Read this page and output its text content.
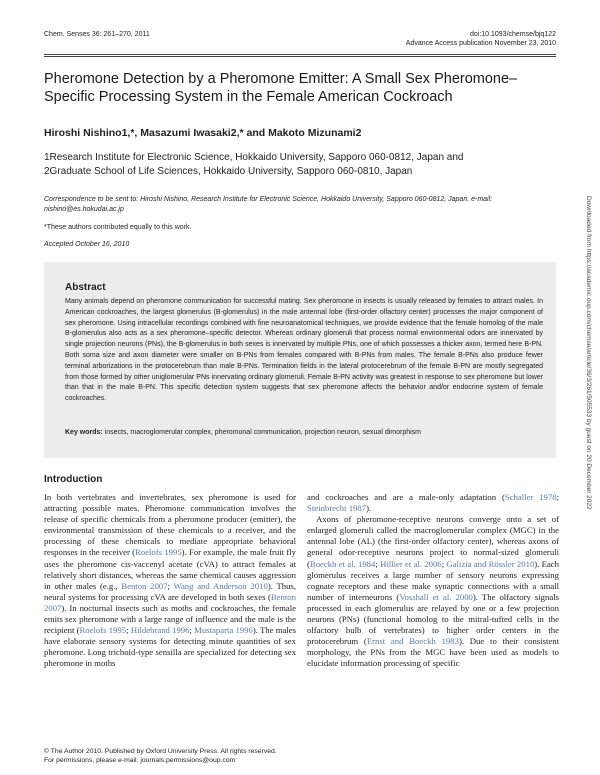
Chem. Senses 36: 261–270, 2011	doi:10.1093/chemse/bjq122
Advance Access publication November 23, 2010
Pheromone Detection by a Pheromone Emitter: A Small Sex Pheromone–Specific Processing System in the Female American Cockroach
Hiroshi Nishino1,*, Masazumi Iwasaki2,* and Makoto Mizunami2
1Research Institute for Electronic Science, Hokkaido University, Sapporo 060-0812, Japan and
2Graduate School of Life Sciences, Hokkaido University, Sapporo 060-0810, Japan
Correspondence to be sent to: Hiroshi Nishino, Research Institute for Electronic Science, Hokkaido University, Sapporo 060-0812, Japan. e-mail: nishino@es.hokudai.ac.jp
*These authors contributed equally to this work.
Accepted October 16, 2010
Abstract

Many animals depend on pheromone communication for successful mating. Sex pheromone in insects is usually released by females to attract males. In American cockroaches, the largest glomerulus (B-glomerulus) in the male antennal lobe (first-order olfactory center) processes the major component of sex pheromone. Using intracellular recordings combined with fine neuroanatomical techniques, we provide evidence that the female homolog of the male B-glomerulus also acts as a sex pheromone–specific detector. Whereas ordinary glomeruli that process normal environmental odors are innervated by single projection neurons (PNs), the B-glomerulus in both sexes is innervated by multiple PNs, one of which possesses a thicker axon, termed here B-PN. Both soma size and axon diameter were smaller on B-PNs from females compared with B-PNs from males. The female B-PNs also produce fewer terminal arborizations in the protocerebrum than male B-PNs. Termination fields in the lateral protocerebrum of the female B-PN are mostly segregated from those formed by other uniglomerular PNs innervating ordinary glomeruli. Female B-PN activity was greatest in response to sex pheromone but lower than that in the male B-PN. This specific detection system suggests that sex pheromone affects the behavior and/or endocrine system of female cockroaches.

Key words: insects, macroglomerular complex, pheromonal communication, projection neuron, sexual dimorphism
Introduction

In both vertebrates and invertebrates, sex pheromone is used for attracting possible mates. Pheromone communication involves the release of specific chemicals from a pheromone producer (emitter), the environmental transmission of these chemicals to a receiver, and the processing of these chemicals to mediate appropriate behavioral responses in the receiver (Roelofs 1995). For example, the male fruit fly uses the pheromone cis-vaccenyl acetate (cVA) to attract females at relatively short distances, whereas the same chemical causes aggression in other males (e.g., Benton 2007; Wang and Anderson 2010). Thus, neural systems for processing cVA are developed in both sexes (Benton 2007). In nocturnal insects such as moths and cockroaches, the female emits sex pheromone with a large range of influence and the male is the recipient (Roelofs 1995; Hildebrand 1996; Mustaparta 1996). The males have elaborate sensory systems for detecting minute quantities of sex pheromone. Long trichoid-type sensilla are specialized for detecting sex pheromone in moths

and cockroaches and are a male-only adaptation (Schaller 1978; Steinbrecht 1987).
Axons of pheromone-receptive neurons converge onto a set of enlarged glomeruli called the macroglomerular complex (MGC) in the antennal lobe (AL) (the first-order olfactory center), whereas axons of general odor-receptive neurons project to normal-sized glomeruli (Boeckh et al. 1984; Hillier et al. 2006; Galizia and Rössler 2010). Each glomerulus receives a large number of sensory neurons expressing cognate receptors and these make synaptic connections with a small number of interneurons (Vosshall et al. 2000). The olfactory signals processed in each glomerulus are relayed by one or a few projection neurons (PNs) (functional homolog to the mitral-tufted cells in the olfactory bulb of vertebrates) to higher order centers in the protocerebrum (Ernst and Boeckh 1983). Due to their consistent morphology, the PNs from the MGC have been used as models to elucidate information processing of specific
© The Author 2010. Published by Oxford University Press. All rights reserved.
For permissions, please e-mail: journals.permissions@oup.com
Downloaded from https://academic.oup.com/chemse/article/36/3/261/505533 by guest on 20 December 2022
